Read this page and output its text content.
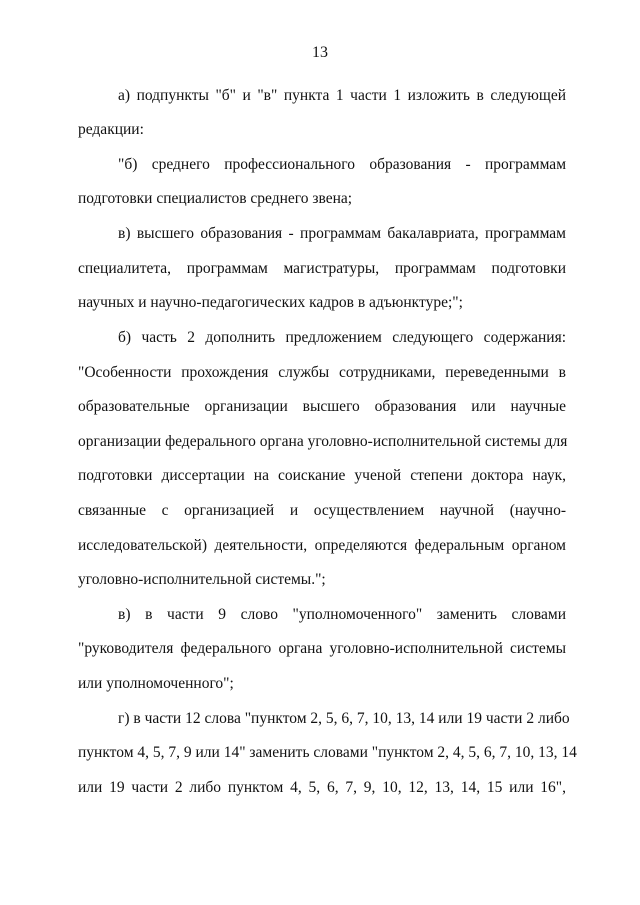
13
а) подпункты "б" и "в" пункта 1 части 1 изложить в следующей
редакции:
"б) среднего профессионального образования - программам
подготовки специалистов среднего звена;
в) высшего образования - программам бакалавриата, программам
специалитета, программам магистратуры, программам подготовки
научных и научно-педагогических кадров в адъюнктуре;";
б) часть 2 дополнить предложением следующего содержания:
"Особенности прохождения службы сотрудниками, переведенными в
образовательные организации высшего образования или научные
организации федерального органа уголовно-исполнительной системы для
подготовки диссертации на соискание ученой степени доктора наук,
связанные с организацией и осуществлением научной (научно-
исследовательской) деятельности, определяются федеральным органом
уголовно-исполнительной системы.";
в) в части 9 слово "уполномоченного" заменить словами
"руководителя федерального органа уголовно-исполнительной системы
или уполномоченного";
г) в части 12 слова "пунктом 2, 5, 6, 7, 10, 13, 14 или 19 части 2 либо
пунктом 4, 5, 7, 9 или 14" заменить словами "пунктом 2, 4, 5, 6, 7, 10, 13, 14
или 19 части 2 либо пунктом 4, 5, 6, 7, 9, 10, 12, 13, 14, 15 или 16",
